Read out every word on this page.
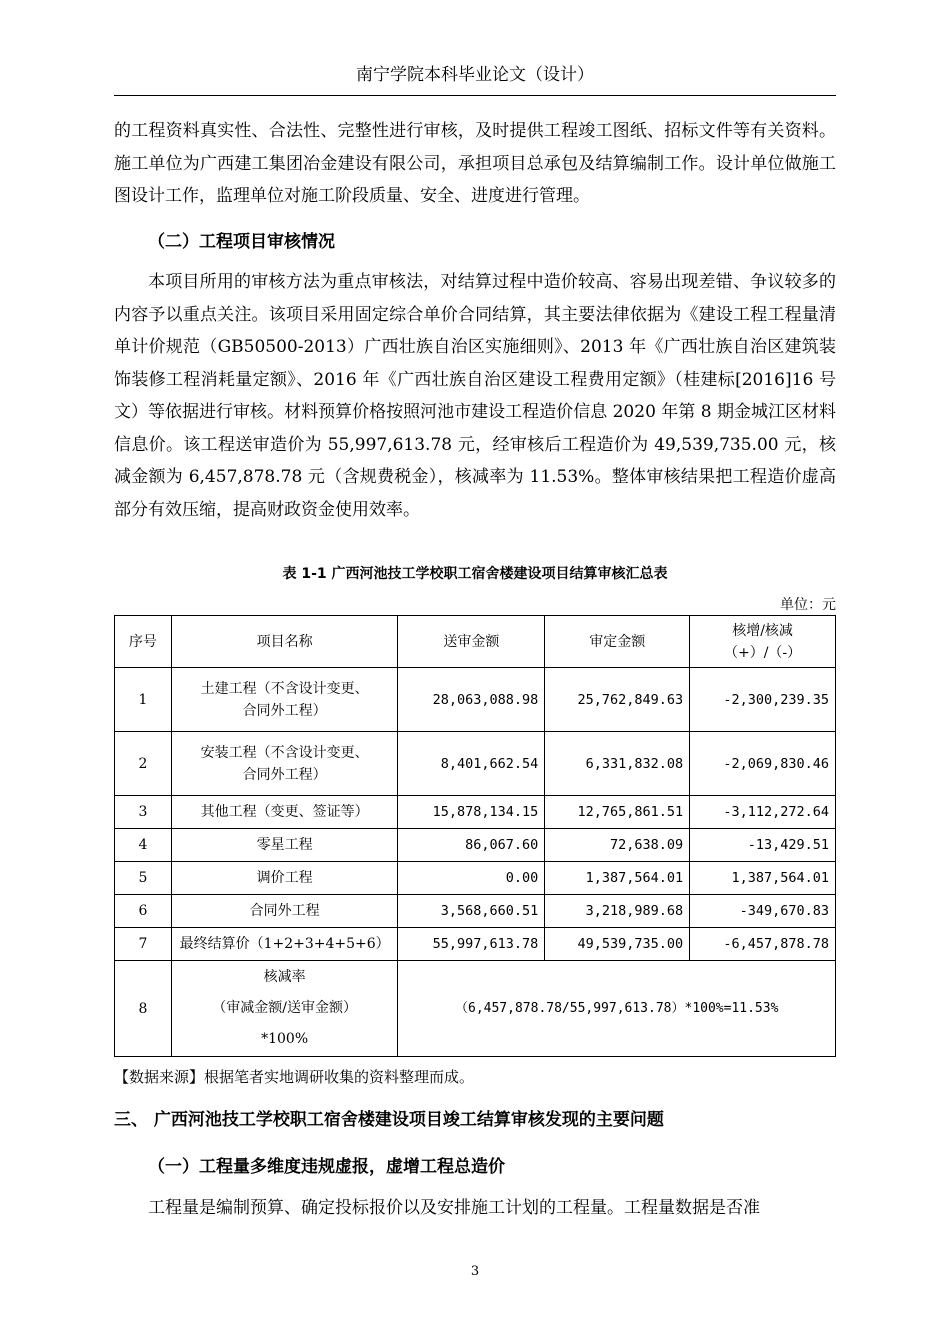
南宁学院本科毕业论文（设计）

的工程资料真实性、合法性、完整性进行审核，及时提供工程竣工图纸、招标文件等有关资料。施工单位为广西建工集团冶金建设有限公司，承担项目总承包及结算编制工作。设计单位做施工图设计工作，监理单位对施工阶段质量、安全、进度进行管理。

（二）工程项目审核情况

本项目所用的审核方法为重点审核法，对结算过程中造价较高、容易出现差错、争议较多的内容予以重点关注。该项目采用固定综合单价合同结算，其主要法律依据为《建设工程工程量清单计价规范（GB50500-2013）广西壮族自治区实施细则》、2013 年《广西壮族自治区建筑装饰装修工程消耗量定额》、2016 年《广西壮族自治区建设工程费用定额》（桂建标[2016]16 号文）等依据进行审核。材料预算价格按照河池市建设工程造价信息 2020 年第 8 期金城江区材料信息价。该工程送审造价为 55,997,613.78 元，经审核后工程造价为 49,539,735.00 元，核减金额为 6,457,878.78 元（含规费税金），核减率为 11.53%。整体审核结果把工程造价虚高部分有效压缩，提高财政资金使用效率。

表 1-1 广西河池技工学校职工宿舍楼建设项目结算审核汇总表
单位：元
序号	项目名称	送审金额	审定金额	核增/核减
（+）/（-）

1	土建工程（不含设计变更、
合同外工程）	28,063,088.98	25,762,849.63	-2,300,239.35
2	安装工程（不含设计变更、
合同外工程）	8,401,662.54	6,331,832.08	-2,069,830.46
3	其他工程（变更、签证等）	15,878,134.15	12,765,861.51	-3,112,272.64
4	零星工程	86,067.60	72,638.09	-13,429.51
5	调价工程	0.00	1,387,564.01	1,387,564.01
6	合同外工程	3,568,660.51	3,218,989.68	-349,670.83
7	最终结算价（1+2+3+4+5+6）	55,997,613.78	49,539,735.00	-6,457,878.78
8	核减率
（审减金额/送审金额）
*100%	（6,457,878.78/55,997,613.78）*100%=11.53%		
【数据来源】根据笔者实地调研收集的资料整理而成。
三、 广西河池技工学校职工宿舍楼建设项目竣工结算审核发现的主要问题
（一）工程量多维度违规虚报，虚增工程总造价

工程量是编制预算、确定投标报价以及安排施工计划的工程量。工程量数据是否准

3
